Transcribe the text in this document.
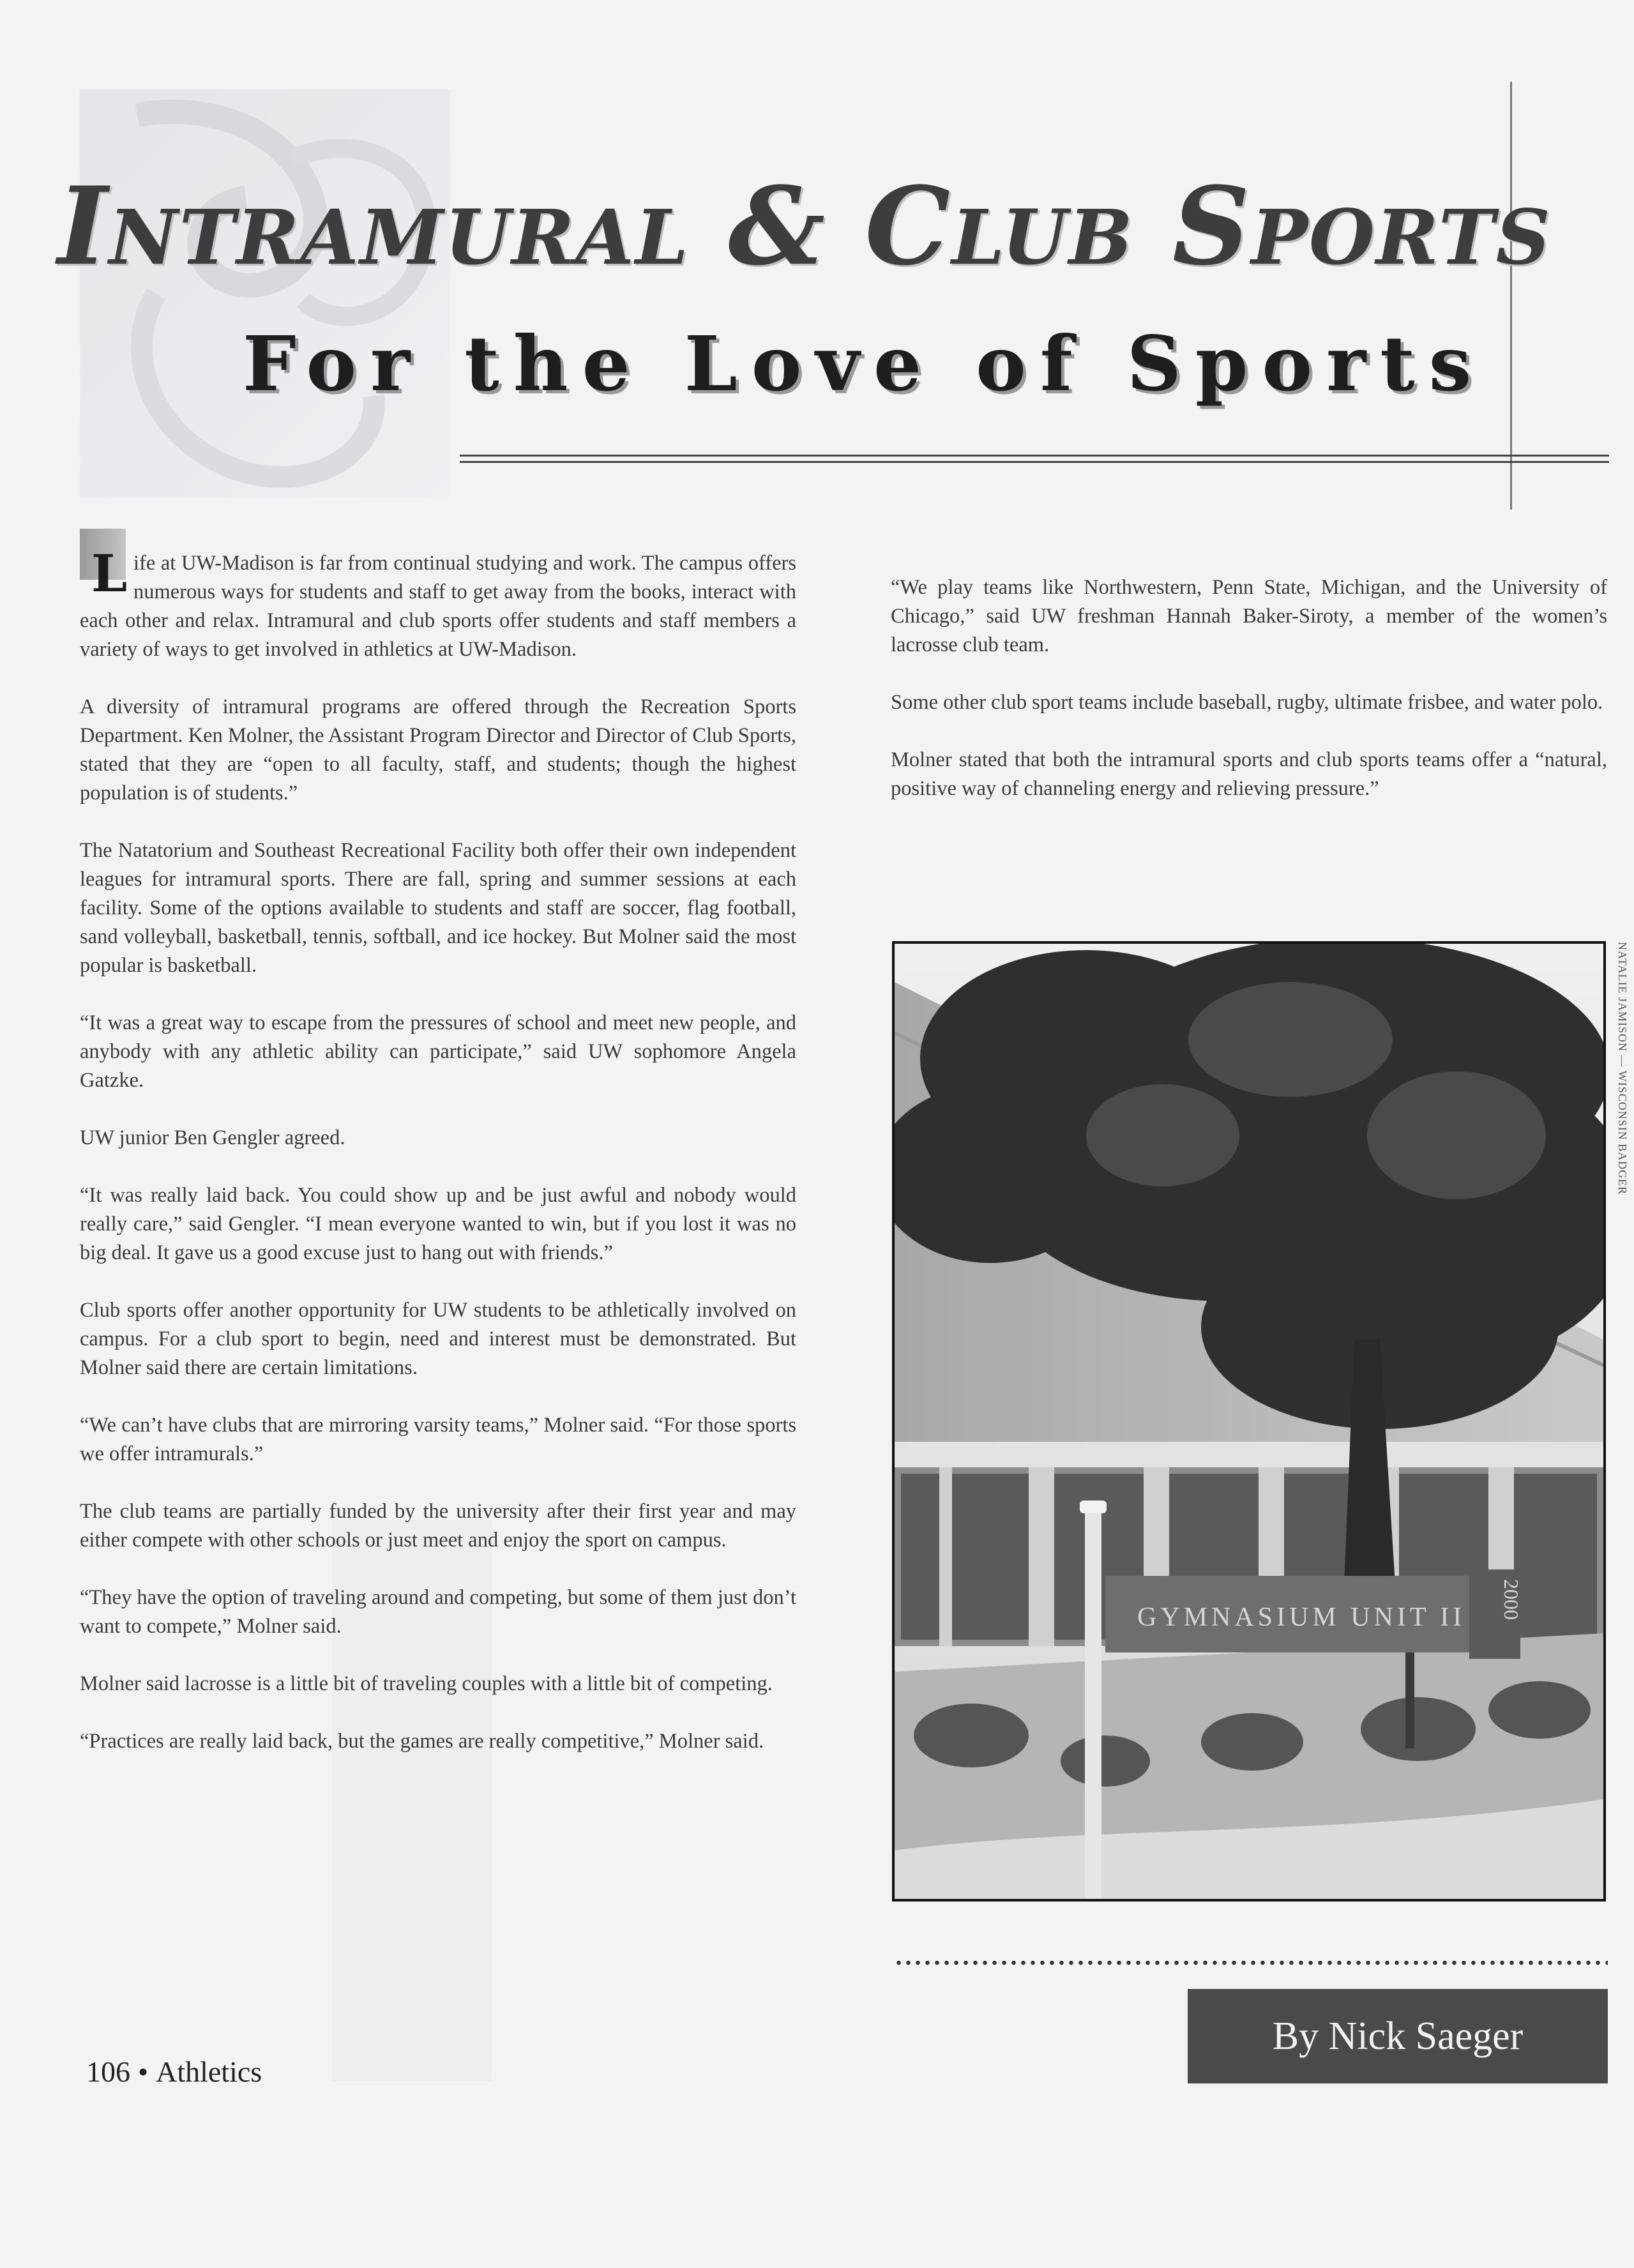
Intramural & Club Sports
For the Love of Sports

L ife at UW-Madison is far from continual studying and work. The campus offers numerous ways for students and staff to get away from the books, interact with each other and relax. Intramural and club sports offer students and staff members a variety of ways to get involved in athletics at UW-Madison.

A diversity of intramural programs are offered through the Recreation Sports Department. Ken Molner, the Assistant Program Director and Director of Club Sports, stated that they are “open to all faculty, staff, and students; though the highest population is of students.”

The Natatorium and Southeast Recreational Facility both offer their own independent leagues for intramural sports. There are fall, spring and summer sessions at each facility. Some of the options available to students and staff are soccer, flag football, sand volleyball, basketball, tennis, softball, and ice hockey. But Molner said the most popular is basketball.

“It was a great way to escape from the pressures of school and meet new people, and anybody with any athletic ability can participate,” said UW sophomore Angela Gatzke.

UW junior Ben Gengler agreed.

“It was really laid back. You could show up and be just awful and nobody would really care,” said Gengler. “I mean everyone wanted to win, but if you lost it was no big deal. It gave us a good excuse just to hang out with friends.”

Club sports offer another opportunity for UW students to be athletically involved on campus. For a club sport to begin, need and interest must be demonstrated. But Molner said there are certain limitations.

“We can’t have clubs that are mirroring varsity teams,” Molner said. “For those sports we offer intramurals.”

The club teams are partially funded by the university after their first year and may either compete with other schools or just meet and enjoy the sport on campus.

“They have the option of traveling around and competing, but some of them just don’t want to compete,” Molner said.

Molner said lacrosse is a little bit of traveling couples with a little bit of competing.

“Practices are really laid back, but the games are really competitive,” Molner said.

“We play teams like Northwestern, Penn State, Michigan, and the University of Chicago,” said UW freshman Hannah Baker-Siroty, a member of the women’s lacrosse club team.

Some other club sport teams include baseball, rugby, ultimate frisbee, and water polo.

Molner stated that both the intramural sports and club sports teams offer a “natural, positive way of channeling energy and relieving pressure.”

NATALIE JAMISON — WISCONSIN BADGER
GYMNASIUM UNIT II 2000
By Nick Saeger
106 • Athletics
